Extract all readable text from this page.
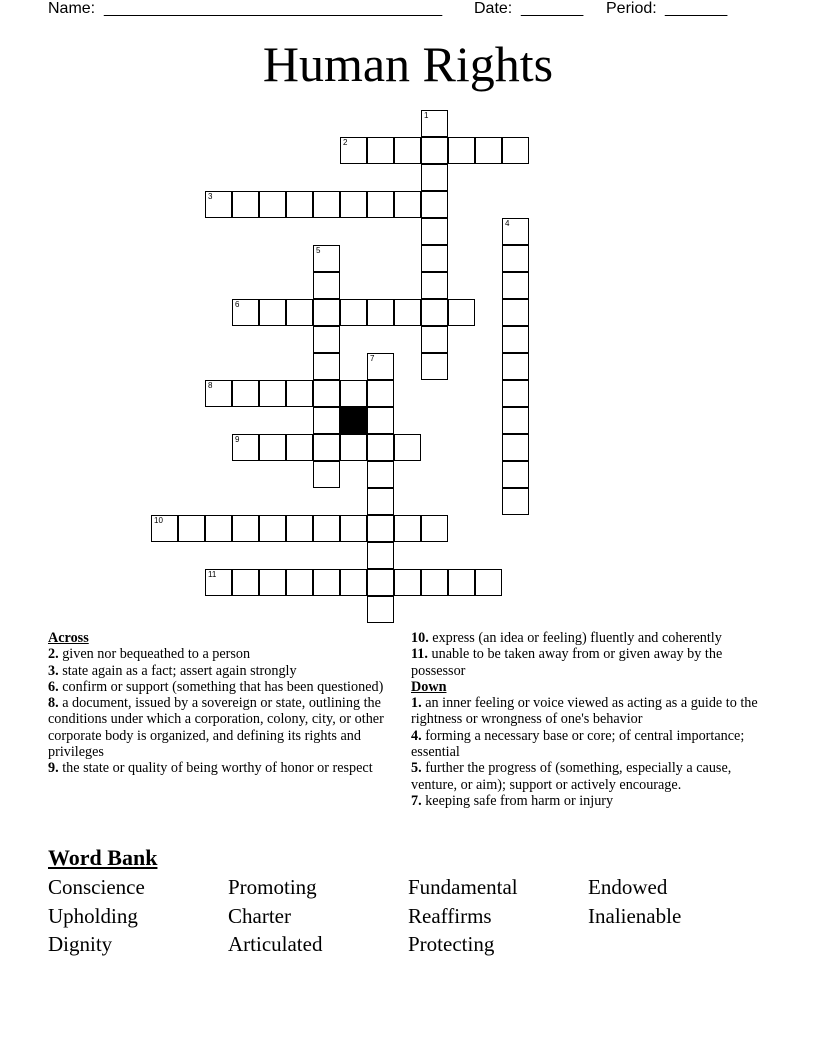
Name: ______________________________________ Date: _______ Period: _______
Human Rights
2
3
6
8
9
10
11
1
4
5
7
Across
2. given nor bequeathed to a person
3. state again as a fact; assert again strongly
6. confirm or support (something that has been questioned)
8. a document, issued by a sovereign or state, outlining the conditions under which a corporation, colony, city, or other corporate body is organized, and defining its rights and privileges
9. the state or quality of being worthy of honor or respect
10. express (an idea or feeling) fluently and coherently
11. unable to be taken away from or given away by the possessor
Down
1. an inner feeling or voice viewed as acting as a guide to the rightness or wrongness of one's behavior
4. forming a necessary base or core; of central importance; essential
5. further the progress of (something, especially a cause, venture, or aim); support or actively encourage.
7. keeping safe from harm or injury
Word Bank
Conscience	Promoting	Fundamental	Endowed
Upholding	Charter	Reaffirms	Inalienable
Dignity	Articulated	Protecting
